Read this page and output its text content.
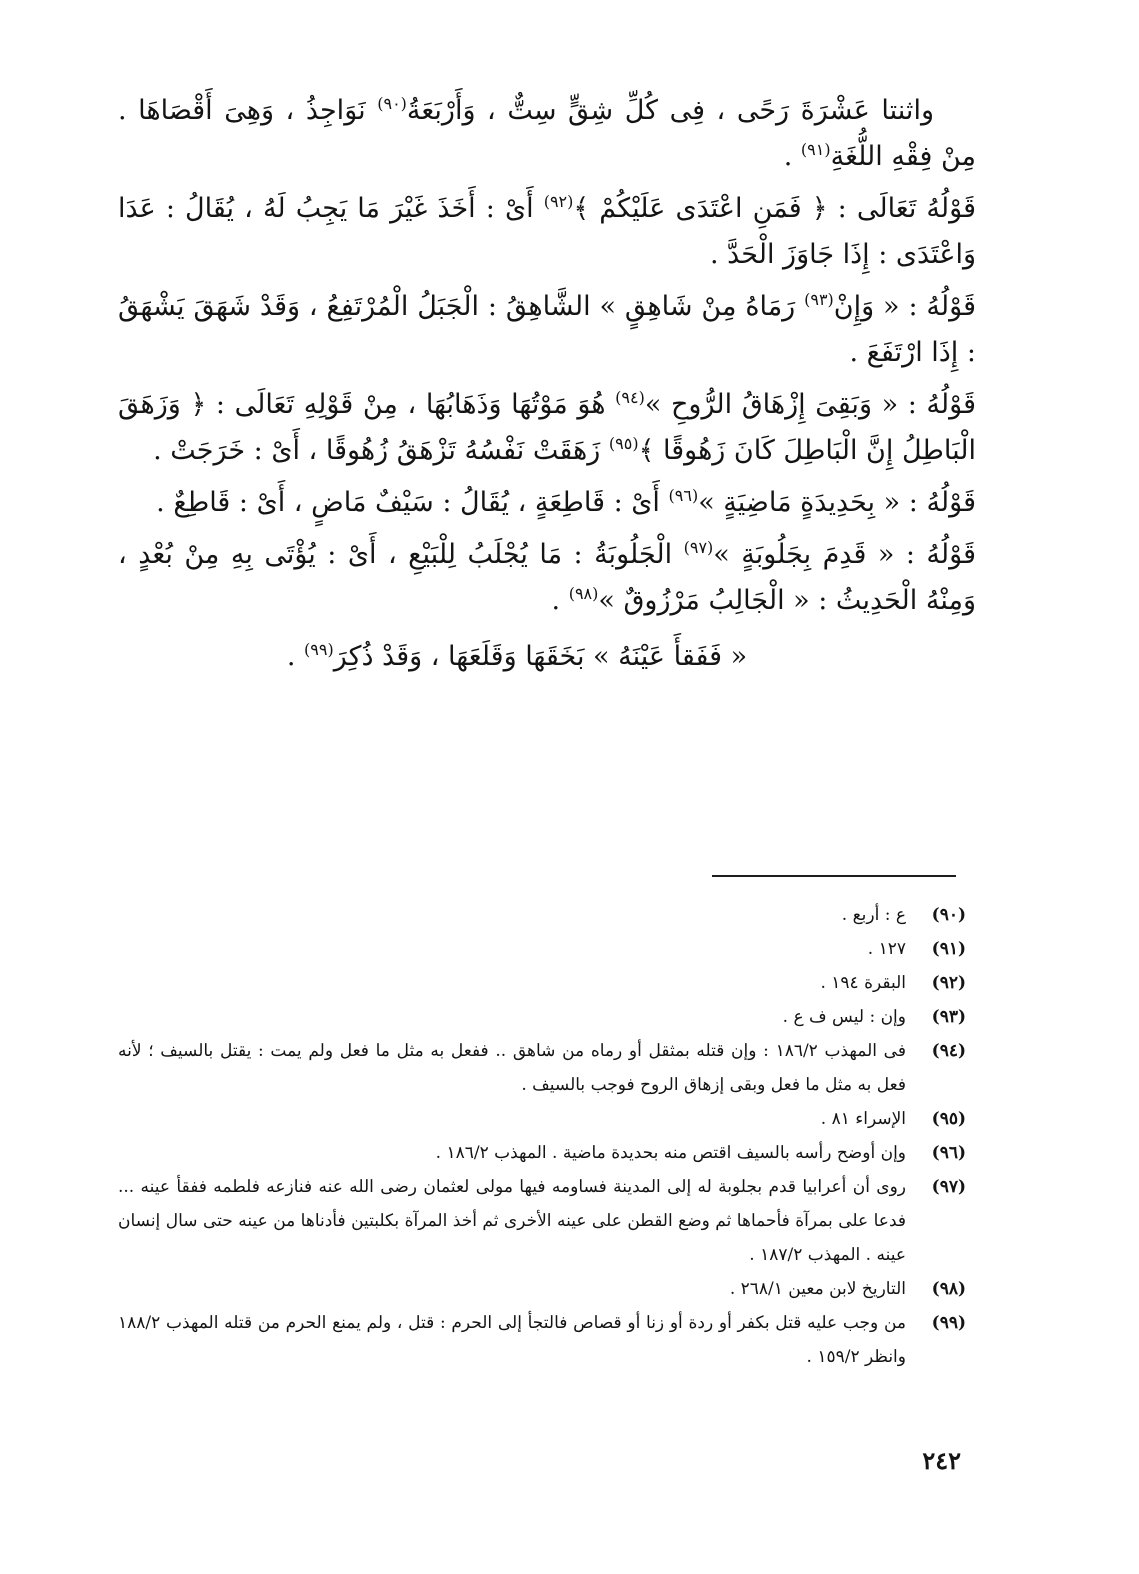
واثنتا عَشْرَةَ رَحًى ، فِى كُلِّ شِقٍّ سِتٌّ ، وَأَرْبَعَةُ$^{(٩٠)}$ نَوَاجِذُ ، وَهِىَ أَقْصَاهَا . مِنْ فِقْهِ اللُّغَةِ$^{(٩١)}$ .

قَوْلُهُ تَعَالَى : ﴿ فَمَنِ اعْتَدَى عَلَيْكُمْ ﴾$^{(٩٢)}$ أَىْ : أَخَذَ غَيْرَ مَا يَجِبُ لَهُ ، يُقَالُ : عَدَا وَاعْتَدَى : إِذَا جَاوَزَ الْحَدَّ .

قَوْلُهُ : « وَإِنْ$^{(٩٣)}$ رَمَاهُ مِنْ شَاهِقٍ » الشَّاهِقُ : الْجَبَلُ الْمُرْتَفِعُ ، وَقَدْ شَهَقَ يَشْهَقُ : إِذَا ارْتَفَعَ .

قَوْلُهُ : « وَبَقِىَ إِزْهَاقُ الرُّوحِ »$^{(٩٤)}$ هُوَ مَوْتُهَا وَذَهَابُهَا ، مِنْ قَوْلِهِ تَعَالَى : ﴿ وَزَهَقَ الْبَاطِلُ إِنَّ الْبَاطِلَ كَانَ زَهُوقًا ﴾$^{(٩٥)}$ زَهَقَتْ نَفْسُهُ تَزْهَقُ زُهُوقًا ، أَىْ : خَرَجَتْ .

قَوْلُهُ : « بِحَدِيدَةٍ مَاضِيَةٍ »$^{(٩٦)}$ أَىْ : قَاطِعَةٍ ، يُقَالُ : سَيْفٌ مَاضٍ ، أَىْ : قَاطِعٌ .

قَوْلُهُ : « قَدِمَ بِجَلُوبَةٍ »$^{(٩٧)}$ الْجَلُوبَةُ : مَا يُجْلَبُ لِلْبَيْعِ ، أَىْ : يُؤْتَى بِهِ مِنْ بُعْدٍ ، وَمِنْهُ الْحَدِيثُ : « الْجَالِبُ مَرْزُوقٌ »$^{(٩٨)}$ .

« فَفَقأَ عَيْنَهُ » بَخَقَهَا وَقَلَعَهَا ، وَقَدْ ذُكِرَ$^{(٩٩)}$ .

(٩٠)
ع : أربع .
(٩١)
١٢٧ .
(٩٢)
البقرة ١٩٤ .
(٩٣)
وإن : ليس ف ع .
(٩٤)
فى المهذب ١٨٦/٢ : وإن قتله بمثقل أو رماه من شاهق .. ففعل به مثل ما فعل ولم يمت : يقتل بالسيف ؛ لأنه فعل به مثل ما فعل وبقى إزهاق الروح فوجب بالسيف .
(٩٥)
الإسراء ٨١ .
(٩٦)
وإن أوضح رأسه بالسيف اقتص منه بحديدة ماضية . المهذب ١٨٦/٢ .
(٩٧)
روى أن أعرابيا قدم بجلوبة له إلى المدينة فساومه فيها مولى لعثمان رضى الله عنه فنازعه فلطمه ففقأ عينه ... فدعا على بمرآة فأحماها ثم وضع القطن على عينه الأخرى ثم أخذ المرآة بكلبتين فأدناها من عينه حتى سال إنسان عينه . المهذب ١٨٧/٢ .
(٩٨)
التاريخ لابن معين ٢٦٨/١ .
(٩٩)
من وجب عليه قتل بكفر أو ردة أو زنا أو قصاص فالتجأ إلى الحرم : قتل ، ولم يمنع الحرم من قتله المهذب ١٨٨/٢ وانظر ١٥٩/٢ .
٢٤٢
